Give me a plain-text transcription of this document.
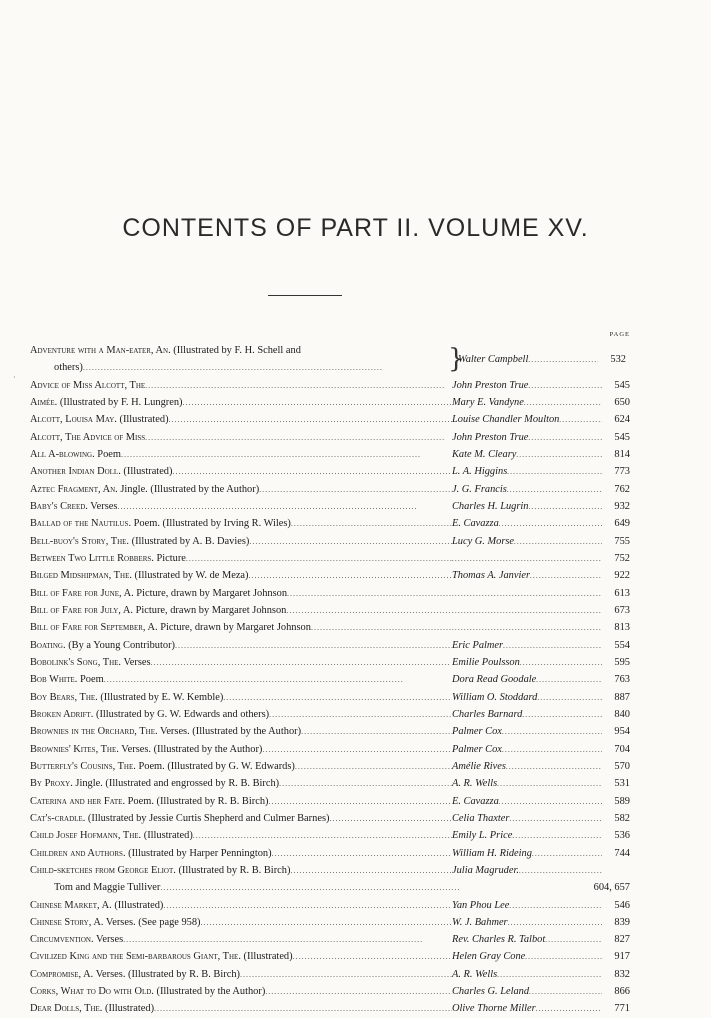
CONTENTS OF PART II. VOLUME XV.
PAGE
·
Adventure with a Man-eater, An. (Illustrated by F. H. Schell and
others) . . .	}
Walter Campbell . . .	532
Advice of Miss Alcott, The . . .	John Preston True . . .	545
Aimée. (Illustrated by F. H. Lungren) . . .	Mary E. Vandyne . . .	650
Alcott, Louisa May. (Illustrated) . . .	Louise Chandler Moulton . . .	624
Alcott, The Advice of Miss . . .	John Preston True . . .	545
All A-blowing. Poem . . .	Kate M. Cleary . . .	814
Another Indian Doll. (Illustrated) . . .	L. A. Higgins . . .	773
Aztec Fragment, An. Jingle. (Illustrated by the Author) . . .	J. G. Francis . . .	762
Baby's Creed. Verses . . .	Charles H. Lugrin . . .	932
Ballad of the Nautilus. Poem. (Illustrated by Irving R. Wiles) . . .	E. Cavazza . . .	649
Bell-buoy's Story, The. (Illustrated by A. B. Davies) . . .	Lucy G. Morse . . .	755
Between Two Little Robbers. Picture . . . . . .	752
Bilged Midshipman, The. (Illustrated by W. de Meza) . . .	Thomas A. Janvier . . .	922
Bill of Fare for June, A. Picture, drawn by Margaret Johnson . . . . . .	613
Bill of Fare for July, A. Picture, drawn by Margaret Johnson . . . . . .	673
Bill of Fare for September, A. Picture, drawn by Margaret Johnson . . . . . .	813
Boating. (By a Young Contributor) . . .	Eric Palmer . . .	554
Bobolink's Song, The. Verses . . .	Emilie Poulsson . . .	595
Bob White. Poem . . .	Dora Read Goodale . . .	763
Boy Bears, The. (Illustrated by E. W. Kemble) . . .	William O. Stoddard . . .	887
Broken Adrift. (Illustrated by G. W. Edwards and others) . . .	Charles Barnard . . .	840
Brownies in the Orchard, The. Verses. (Illustrated by the Author) . . .	Palmer Cox . . .	954
Brownies' Kites, The. Verses. (Illustrated by the Author) . . .	Palmer Cox . . .	704
Butterfly's Cousins, The. Poem. (Illustrated by G. W. Edwards) . . .	Amélie Rives . . .	570
By Proxy. Jingle. (Illustrated and engrossed by R. B. Birch) . . .	A. R. Wells . . .	531
Caterina and her Fate. Poem. (Illustrated by R. B. Birch) . . .	E. Cavazza . . .	589
Cat's-cradle. (Illustrated by Jessie Curtis Shepherd and Culmer Barnes) . . .	Celia Thaxter . . .	582
Child Josef Hofmann, The. (Illustrated) . . .	Emily L. Price . . .	536
Children and Authors. (Illustrated by Harper Pennington) . . .	William H. Rideing . . .	744
Child-sketches from George Eliot. (Illustrated by R. B. Birch) . . .	Julia Magruder.
. . .
Tom and Maggie Tulliver . . .	604, 657
Chinese Market, A. (Illustrated) . . .	Yan Phou Lee . . .	546
Chinese Story, A. Verses. (See page 958) . . .	W. J. Bahmer . . .	839
Circumvention. Verses . . .	Rev. Charles R. Talbot . . .	827
Civilized King and the Semi-barbarous Giant, The. (Illustrated) . . .	Helen Gray Cone . . .	917
Compromise, A. Verses. (Illustrated by R. B. Birch) . . .	A. R. Wells . . .	832
Corks, What to Do with Old. (Illustrated by the Author) . . .	Charles G. Leland . . .	866
Dear Dolls, The. (Illustrated) . . .	Olive Thorne Miller . . .	771
